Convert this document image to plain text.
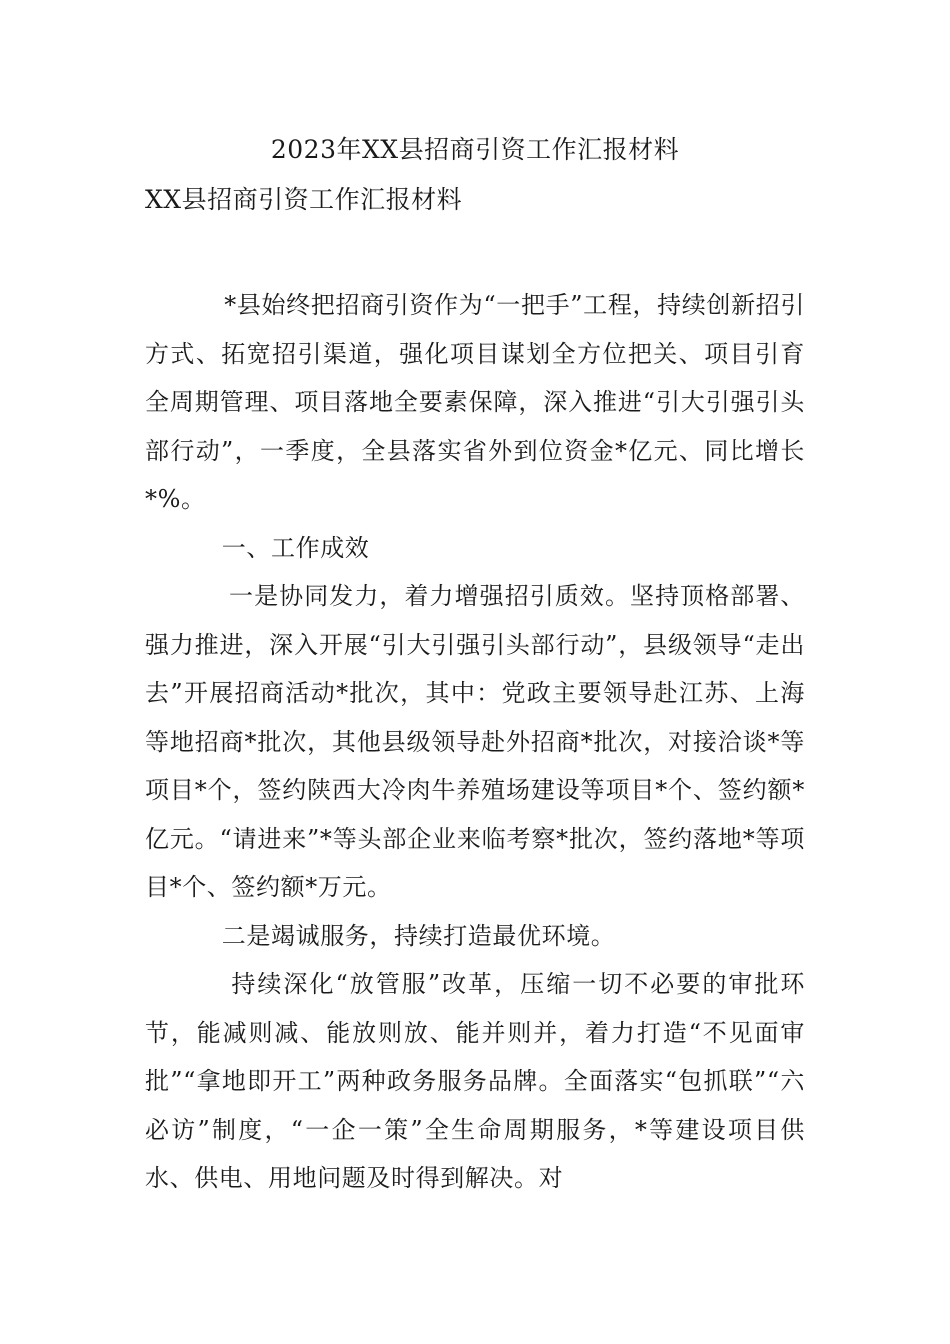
2023年XX县招商引资工作汇报材料
XX县招商引资工作汇报材料

*县始终把招商引资作为“一把手”工程，持续创新招引方式、拓宽招引渠道，强化项目谋划全方位把关、项目引育全周期管理、项目落地全要素保障，深入推进“引大引强引头部行动”，一季度，全县落实省外到位资金*亿元、同比增长*%。

一、工作成效

一是协同发力，着力增强招引质效。坚持顶格部署、强力推进，深入开展“引大引强引头部行动”，县级领导“走出去”开展招商活动*批次，其中：党政主要领导赴江苏、上海等地招商*批次，其他县级领导赴外招商*批次，对接洽谈*等项目*个，签约陕西大冷肉牛养殖场建设等项目*个、签约额*亿元。“请进来”*等头部企业来临考察*批次，签约落地*等项目*个、签约额*万元。

二是竭诚服务，持续打造最优环境。

持续深化“放管服”改革，压缩一切不必要的审批环节，能减则减、能放则放、能并则并，着力打造“不见面审批”“拿地即开工”两种政务服务品牌。全面落实“包抓联”“六必访”制度，“一企一策”全生命周期服务，*等建设项目供水、供电、用地问题及时得到解决。对
